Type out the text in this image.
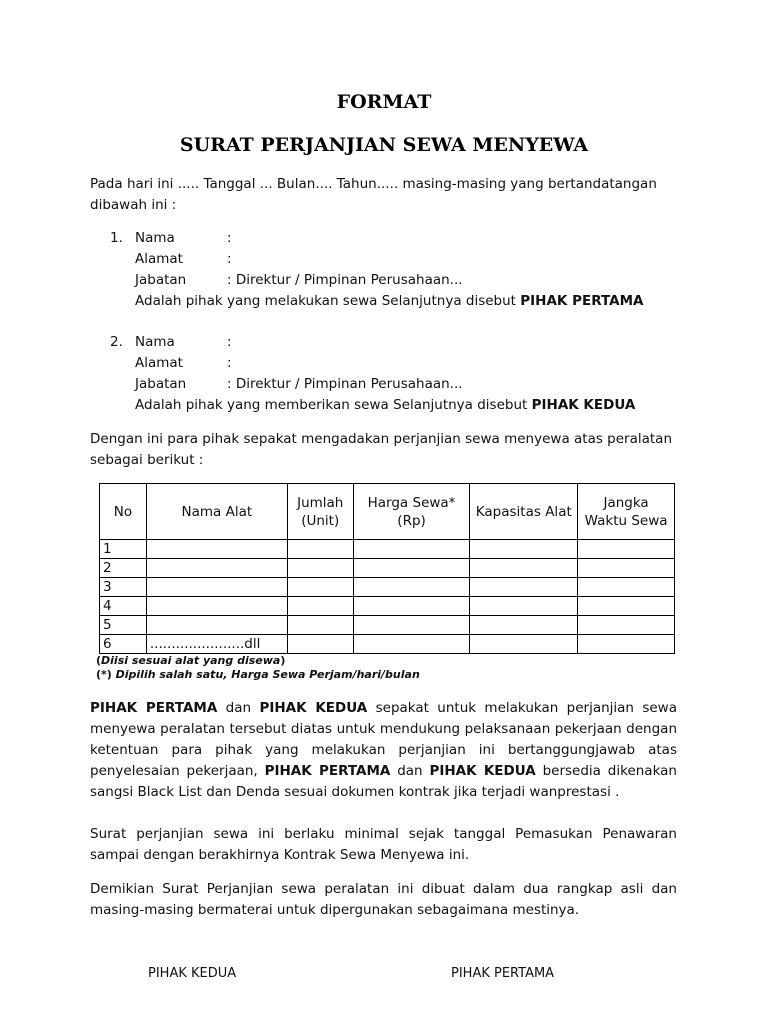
FORMAT
SURAT PERJANJIAN SEWA MENYEWA
Pada hari ini ..... Tanggal ... Bulan.... Tahun..... masing-masing yang bertandatangan
dibawah ini :
1. Nama	:
Alamat	:
Jabatan	: Direktur / Pimpinan Perusahaan...
Adalah pihak yang melakukan sewa Selanjutnya disebut PIHAK PERTAMA
2. Nama	:
Alamat	:
Jabatan	: Direktur / Pimpinan Perusahaan...
Adalah pihak yang memberikan sewa Selanjutnya disebut PIHAK KEDUA
Dengan ini para pihak sepakat mengadakan perjanjian sewa menyewa atas peralatan
sebagai berikut :
No	Nama Alat	Jumlah (Unit)	Harga Sewa* (Rp)	Kapasitas Alat	Jangka Waktu Sewa
1					
2					
3					
4					
5					
6	......................dll				
(Diisi sesuai alat yang disewa)
(*) Dipilih salah satu, Harga Sewa Perjam/hari/bulan
PIHAK PERTAMA dan PIHAK KEDUA sepakat untuk melakukan perjanjian sewa menyewa peralatan tersebut diatas untuk mendukung pelaksanaan pekerjaan dengan ketentuan para pihak yang melakukan perjanjian ini bertanggungjawab atas penyelesaian pekerjaan, PIHAK PERTAMA dan PIHAK KEDUA bersedia dikenakan sangsi Black List dan Denda sesuai dokumen kontrak jika terjadi wanprestasi .
Surat perjanjian sewa ini berlaku minimal sejak tanggal Pemasukan Penawaran sampai dengan berakhirnya Kontrak Sewa Menyewa ini.
Demikian Surat Perjanjian sewa peralatan ini dibuat dalam dua rangkap asli dan masing-masing bermaterai untuk dipergunakan sebagaimana mestinya.
PIHAK KEDUA	PIHAK PERTAMA
